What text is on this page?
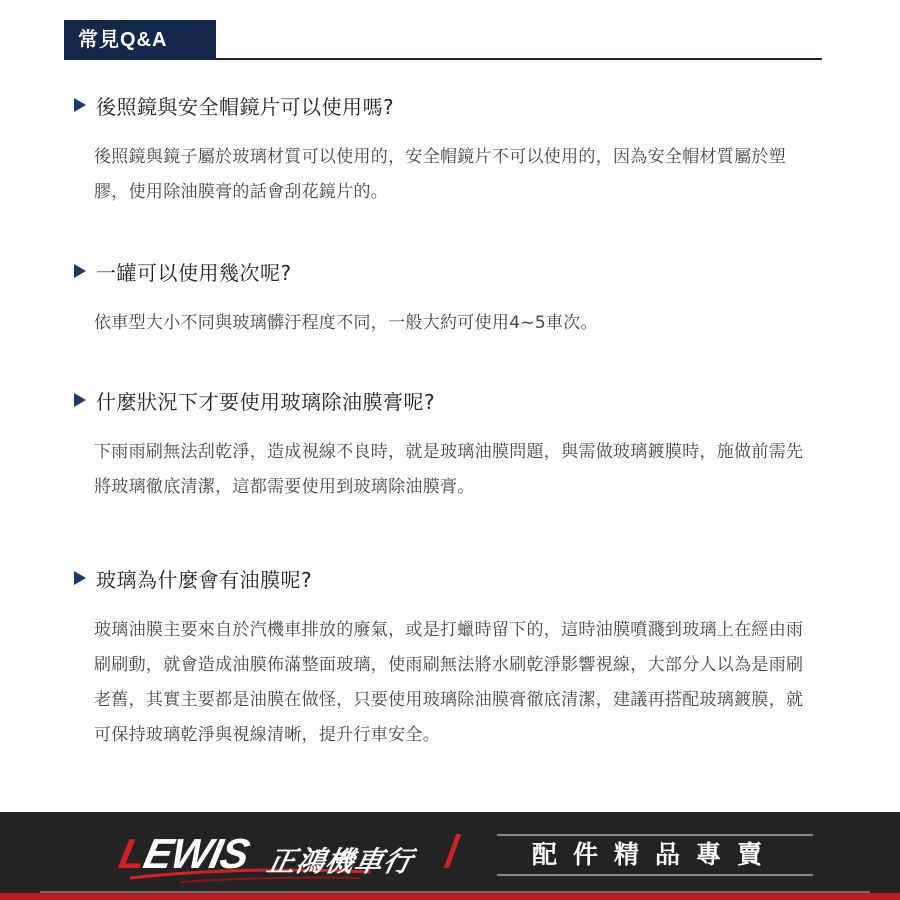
常見Q&A
後照鏡與安全帽鏡片可以使用嗎?
後照鏡與鏡子屬於玻璃材質可以使用的，安全帽鏡片不可以使用的，因為安全帽材質屬於塑膠，使用除油膜膏的話會刮花鏡片的。
一罐可以使用幾次呢?
依車型大小不同與玻璃髒汙程度不同，一般大約可使用4~5車次。
什麼狀況下才要使用玻璃除油膜膏呢?
下雨雨刷無法刮乾淨，造成視線不良時，就是玻璃油膜問題，與需做玻璃鍍膜時，施做前需先將玻璃徹底清潔，這都需要使用到玻璃除油膜膏。
玻璃為什麼會有油膜呢?
玻璃油膜主要來自於汽機車排放的廢氣，或是打蠟時留下的，這時油膜噴濺到玻璃上在經由雨刷刷動，就會造成油膜佈滿整面玻璃，使雨刷無法將水刷乾淨影響視線，大部分人以為是雨刷老舊，其實主要都是油膜在做怪，只要使用玻璃除油膜膏徹底清潔，建議再搭配玻璃鍍膜，就可保持玻璃乾淨與視線清晰，提升行車安全。
LEWIS 正鴻機車行	配件精品專賣
